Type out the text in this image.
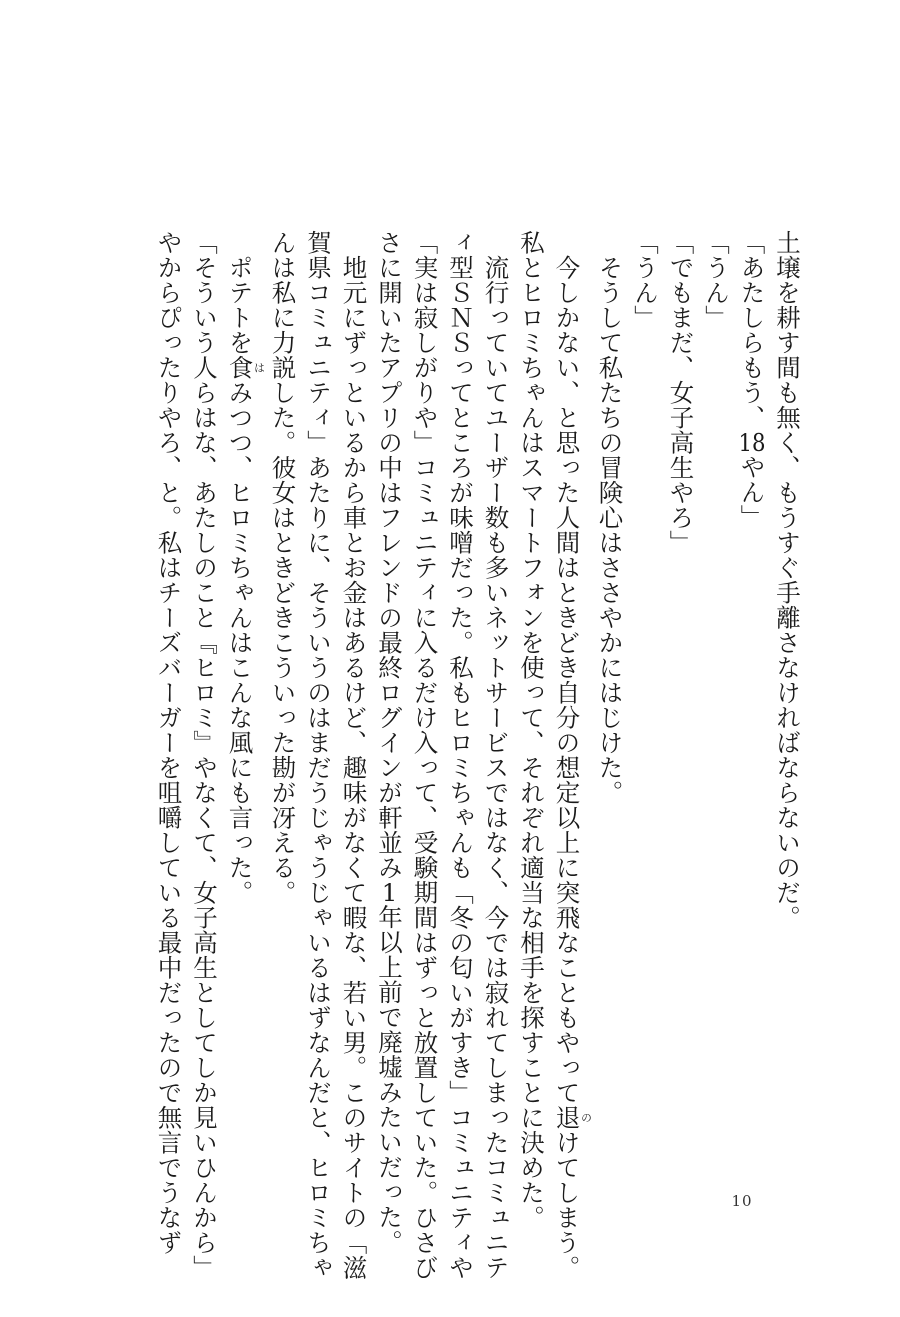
土壌を耕す間も無く、もうすぐ手離さなければならないのだ。
「あたしらもう、18やん」
「うん」
「でもまだ、女子高生やろ」
「うん」
　そうして私たちの冒険心はささやかにはじけた。
　今しかない、と思った人間はときどき自分の想定以上に突飛なこともやって退のけてしまう。
私とヒロミちゃんはスマートフォンを使って、それぞれ適当な相手を探すことに決めた。
　流行っていてユーザー数も多いネットサービスではなく、今では寂れてしまったコミュニテ
ィ型ＳＮＳってところが味噌だった。私もヒロミちゃんも「冬の匂いがすき」コミュニティや
「実は寂しがりや」コミュニティに入るだけ入って、受験期間はずっと放置していた。ひさび
さに開いたアプリの中はフレンドの最終ログインが軒並み1年以上前で廃墟みたいだった。
　地元にずっといるから車とお金はあるけど、趣味がなくて暇な、若い男。このサイトの「滋
賀県コミュニティ」あたりに、そういうのはまだうじゃうじゃいるはずなんだと、ヒロミちゃ
んは私に力説した。彼女はときどきこういった勘が冴える。
　ポテトを食はみつつ、ヒロミちゃんはこんな風にも言った。
「そういう人らはな、あたしのこと『ヒロミ』やなくて、女子高生としてしか見いひんから」
やからぴったりやろ、と。私はチーズバーガーを咀嚼している最中だったので無言でうなず	10
